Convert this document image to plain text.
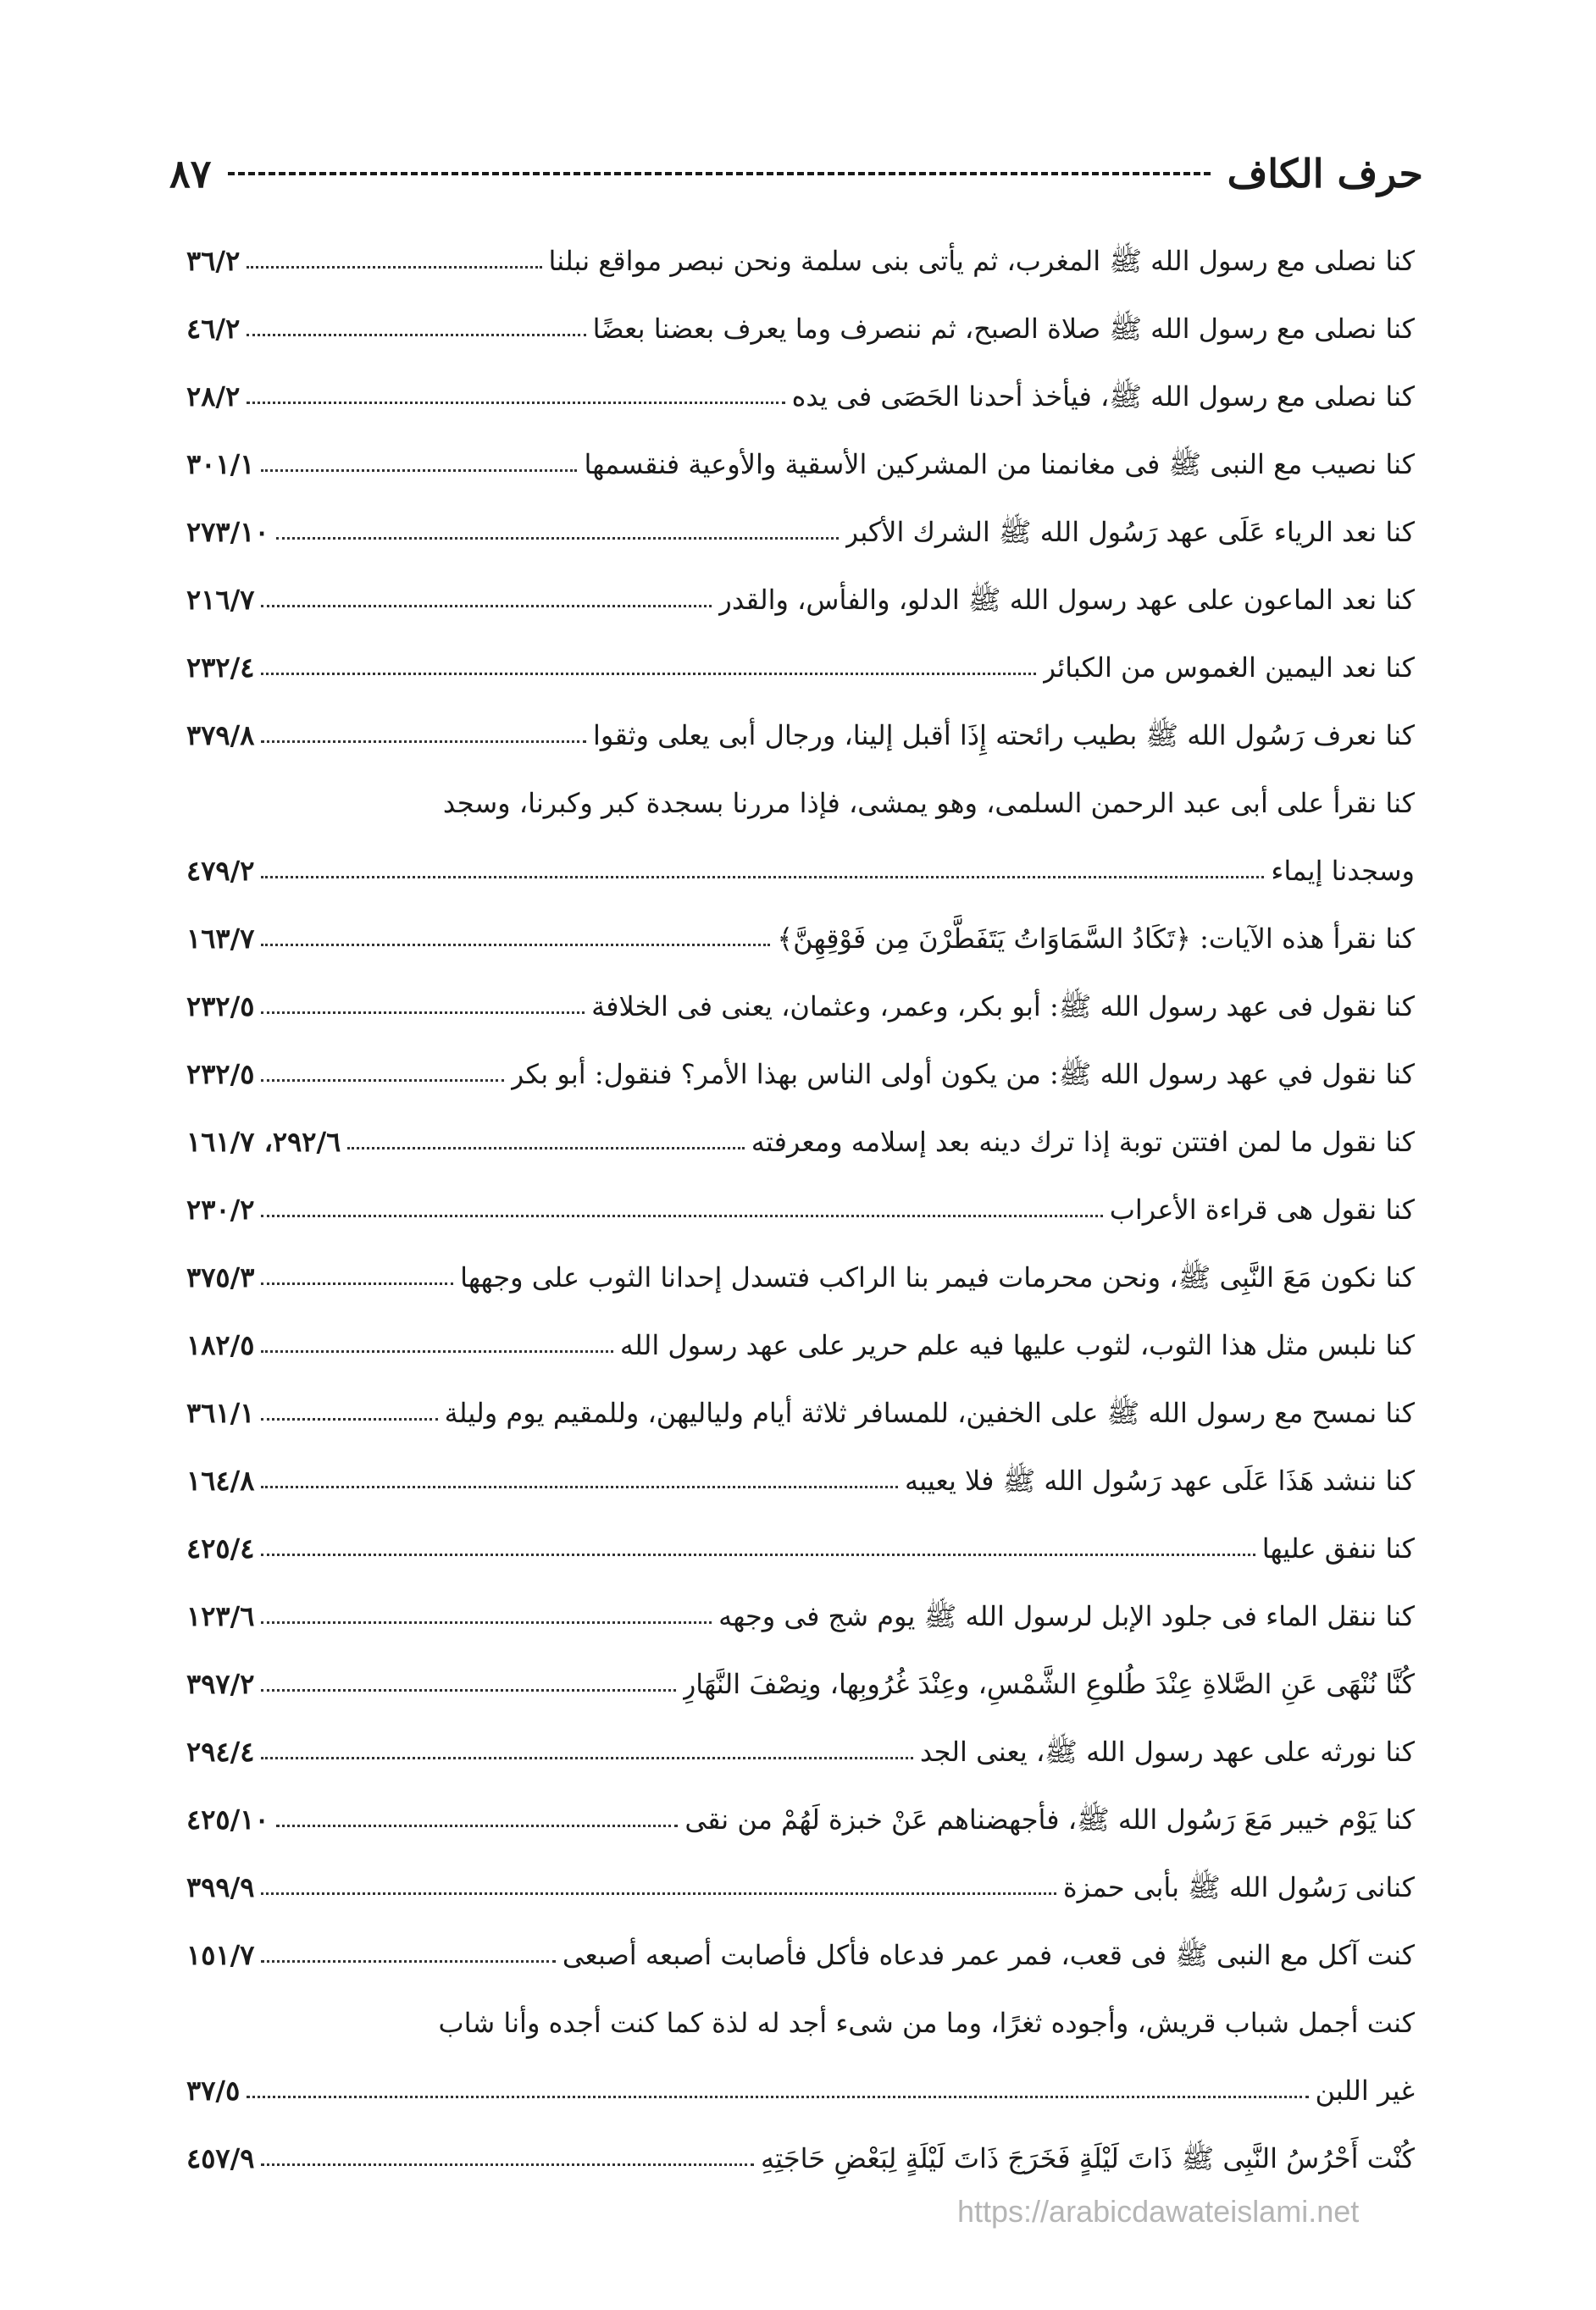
حرف الكاف
٨٧
كنا نصلى مع رسول الله ﷺ المغرب، ثم يأتى بنى سلمة ونحن نبصر مواقع نبلنا
٣٦/٢
كنا نصلى مع رسول الله ﷺ صلاة الصبح، ثم ننصرف وما يعرف بعضنا بعضًا
٤٦/٢
كنا نصلى مع رسول الله ﷺ، فيأخذ أحدنا الحَصَى فى يده
٢٨/٢
كنا نصيب مع النبى ﷺ فى مغانمنا من المشركين الأسقية والأوعية فنقسمها
٣٠١/١
كنا نعد الرياء عَلَى عهد رَسُول الله ﷺ الشرك الأكبر
٢٧٣/١٠
كنا نعد الماعون على عهد رسول الله ﷺ الدلو، والفأس، والقدر
٢١٦/٧
كنا نعد اليمين الغموس من الكبائر
٢٣٢/٤
كنا نعرف رَسُول الله ﷺ بطيب رائحته إِذَا أقبل إلينا، ورجال أبى يعلى وثقوا
٣٧٩/٨
كنا نقرأ على أبى عبد الرحمن السلمى، وهو يمشى، فإذا مررنا بسجدة كبر وكبرنا، وسجد
وسجدنا إيماء
٤٧٩/٢
كنا نقرأ هذه الآيات: ﴿تَكَادُ السَّمَاوَاتُ يَتَفَطَّرْنَ مِن فَوْقِهِنَّ﴾
١٦٣/٧
كنا نقول فى عهد رسول الله ﷺ: أبو بكر، وعمر، وعثمان، يعنى فى الخلافة
٢٣٢/٥
كنا نقول في عهد رسول الله ﷺ: من يكون أولى الناس بهذا الأمر؟ فنقول: أبو بكر
٢٣٢/٥
كنا نقول ما لمن افتتن توبة إذا ترك دينه بعد إسلامه ومعرفته
٢٩٢/٦، ١٦١/٧
كنا نقول هى قراءة الأعراب
٢٣٠/٢
كنا نكون مَعَ النَّبِى ﷺ، ونحن محرمات فيمر بنا الراكب فتسدل إحدانا الثوب على وجهها
٣٧٥/٣
كنا نلبس مثل هذا الثوب، لثوب عليها فيه علم حرير على عهد رسول الله
١٨٢/٥
كنا نمسح مع رسول الله ﷺ على الخفين، للمسافر ثلاثة أيام ولياليهن، وللمقيم يوم وليلة
٣٦١/١
كنا ننشد هَذَا عَلَى عهد رَسُول الله ﷺ فلا يعيبه
١٦٤/٨
كنا ننفق عليها
٤٢٥/٤
كنا ننقل الماء فى جلود الإبل لرسول الله ﷺ يوم شج فى وجهه
١٢٣/٦
كُنَّا نُنْهَى عَنِ الصَّلاةِ عِنْدَ طُلوعِ الشَّمْسِ، وعِنْدَ غُرُوبِها، ونِصْفَ النَّهَارِ
٣٩٧/٢
كنا نورثه على عهد رسول الله ﷺ، يعنى الجد
٢٩٤/٤
كنا يَوْم خيبر مَعَ رَسُول الله ﷺ، فأجهضناهم عَنْ خبزة لَهُمْ من نقى
٤٢٥/١٠
كنانى رَسُول الله ﷺ بأبى حمزة
٣٩٩/٩
كنت آكل مع النبى ﷺ فى قعب، فمر عمر فدعاه فأكل فأصابت أصبعه أصبعى
١٥١/٧
كنت أجمل شباب قريش، وأجوده ثغرًا، وما من شىء أجد له لذة كما كنت أجده وأنا شاب
غير اللبن
٣٧/٥
كُنْت أَحْرُسُ النَّبِى ﷺ ذَاتَ لَيْلَةٍ فَخَرَجَ ذَاتَ لَيْلَةٍ لِبَعْضِ حَاجَتِهِ
٤٥٧/٩
https://arabicdawateislami.net
